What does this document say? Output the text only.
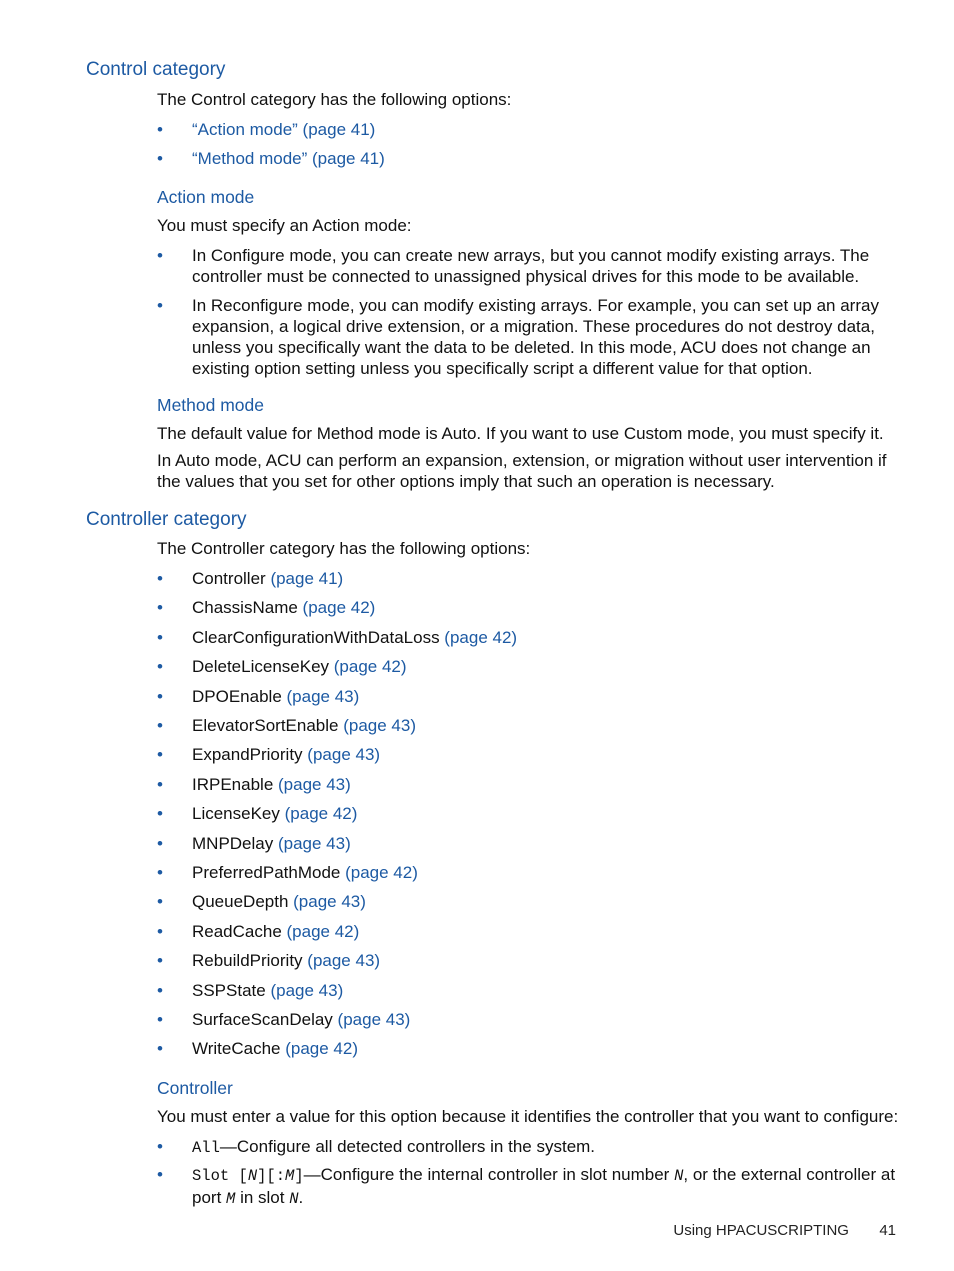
Control category

The Control category has the following options:

• “Action mode” (page 41)
• “Method mode” (page 41)
Action mode

You must specify an Action mode:

• In Configure mode, you can create new arrays, but you cannot modify existing arrays. The controller must be connected to unassigned physical drives for this mode to be available.
• In Reconfigure mode, you can modify existing arrays. For example, you can set up an array expansion, a logical drive extension, or a migration. These procedures do not destroy data, unless you specifically want the data to be deleted. In this mode, ACU does not change an existing option setting unless you specifically script a different value for that option.
Method mode

The default value for Method mode is Auto. If you want to use Custom mode, you must specify it.

In Auto mode, ACU can perform an expansion, extension, or migration without user intervention if the values that you set for other options imply that such an operation is necessary.

Controller category

The Controller category has the following options:

• Controller (page 41)
• ChassisName (page 42)
• ClearConfigurationWithDataLoss (page 42)
• DeleteLicenseKey (page 42)
• DPOEnable (page 43)
• ElevatorSortEnable (page 43)
• ExpandPriority (page 43)
• IRPEnable (page 43)
• LicenseKey (page 42)
• MNPDelay (page 43)
• PreferredPathMode (page 42)
• QueueDepth (page 43)
• ReadCache (page 42)
• RebuildPriority (page 43)
• SSPState (page 43)
• SurfaceScanDelay (page 43)
• WriteCache (page 42)
Controller

You must enter a value for this option because it identifies the controller that you want to configure:

• All—Configure all detected controllers in the system.
• Slot [N][:M]—Configure the internal controller in slot number N, or the external controller at port M in slot N.
Using HPACUSCRIPTING 41
